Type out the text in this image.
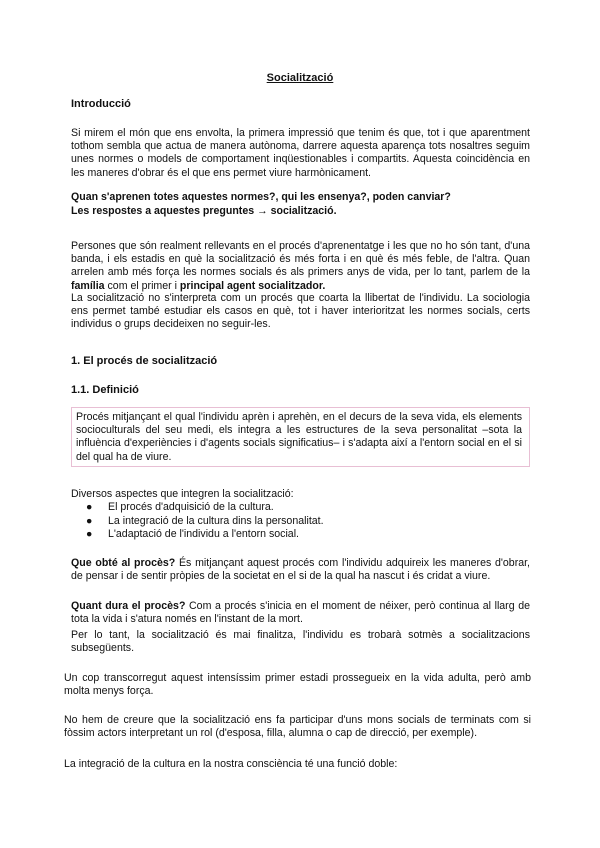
Socialització
Introducció
Si mirem el món que ens envolta, la primera impressió que tenim és que, tot i que aparentment tothom sembla que actua de manera autònoma, darrere aquesta aparença tots nosaltres seguim unes normes o models de comportament inqüestionables i compartits. Aquesta coincidència en les maneres d'obrar és el que ens permet viure harmònicament.
Quan s'aprenen totes aquestes normes?, qui les ensenya?, poden canviar?
Les respostes a aquestes preguntes → socialització.
Persones que són realment rellevants en el procés d'aprenentatge i les que no ho són tant, d'una banda, i els estadis en què la socialització és més forta i en què és més feble, de l'altra. Quan arrelen amb més força les normes socials és als primers anys de vida, per lo tant, parlem de la família com el primer i principal agent socialitzador.
La socialització no s'interpreta com un procés que coarta la llibertat de l'individu. La sociologia ens permet també estudiar els casos en què, tot i haver interioritzat les normes socials, certs individus o grups decideixen no seguir-les.
1. El procés de socialització
1.1. Definició
Procés mitjançant el qual l'individu aprèn i aprehèn, en el decurs de la seva vida, els elements socioculturals del seu medi, els integra a les estructures de la seva personalitat –sota la influència d'experiències i d'agents socials significatius– i s'adapta així a l'entorn social en el si del qual ha de viure.
Diversos aspectes que integren la socialització:
● El procés d'adquisició de la cultura.
● La integració de la cultura dins la personalitat.
● L'adaptació de l'individu a l'entorn social.
Que obté al procès? És mitjançant aquest procés com l'individu adquireix les maneres d'obrar, de pensar i de sentir pròpies de la societat en el si de la qual ha nascut i és cridat a viure.
Quant dura el procès? Com a procés s'inicia en el moment de néixer, però continua al llarg de tota la vida i s'atura només en l'instant de la mort.
Per lo tant, la socialització és mai finalitza, l'individu es trobarà sotmès a socialitzacions subsegüents.
Un cop transcorregut aquest intensíssim primer estadi prossegueix en la vida adulta, però amb molta menys força.
No hem de creure que la socialització ens fa participar d'uns mons socials de terminats com si fòssim actors interpretant un rol (d'esposa, filla, alumna o cap de direcció, per exemple).
La integració de la cultura en la nostra consciència té una funció doble:
